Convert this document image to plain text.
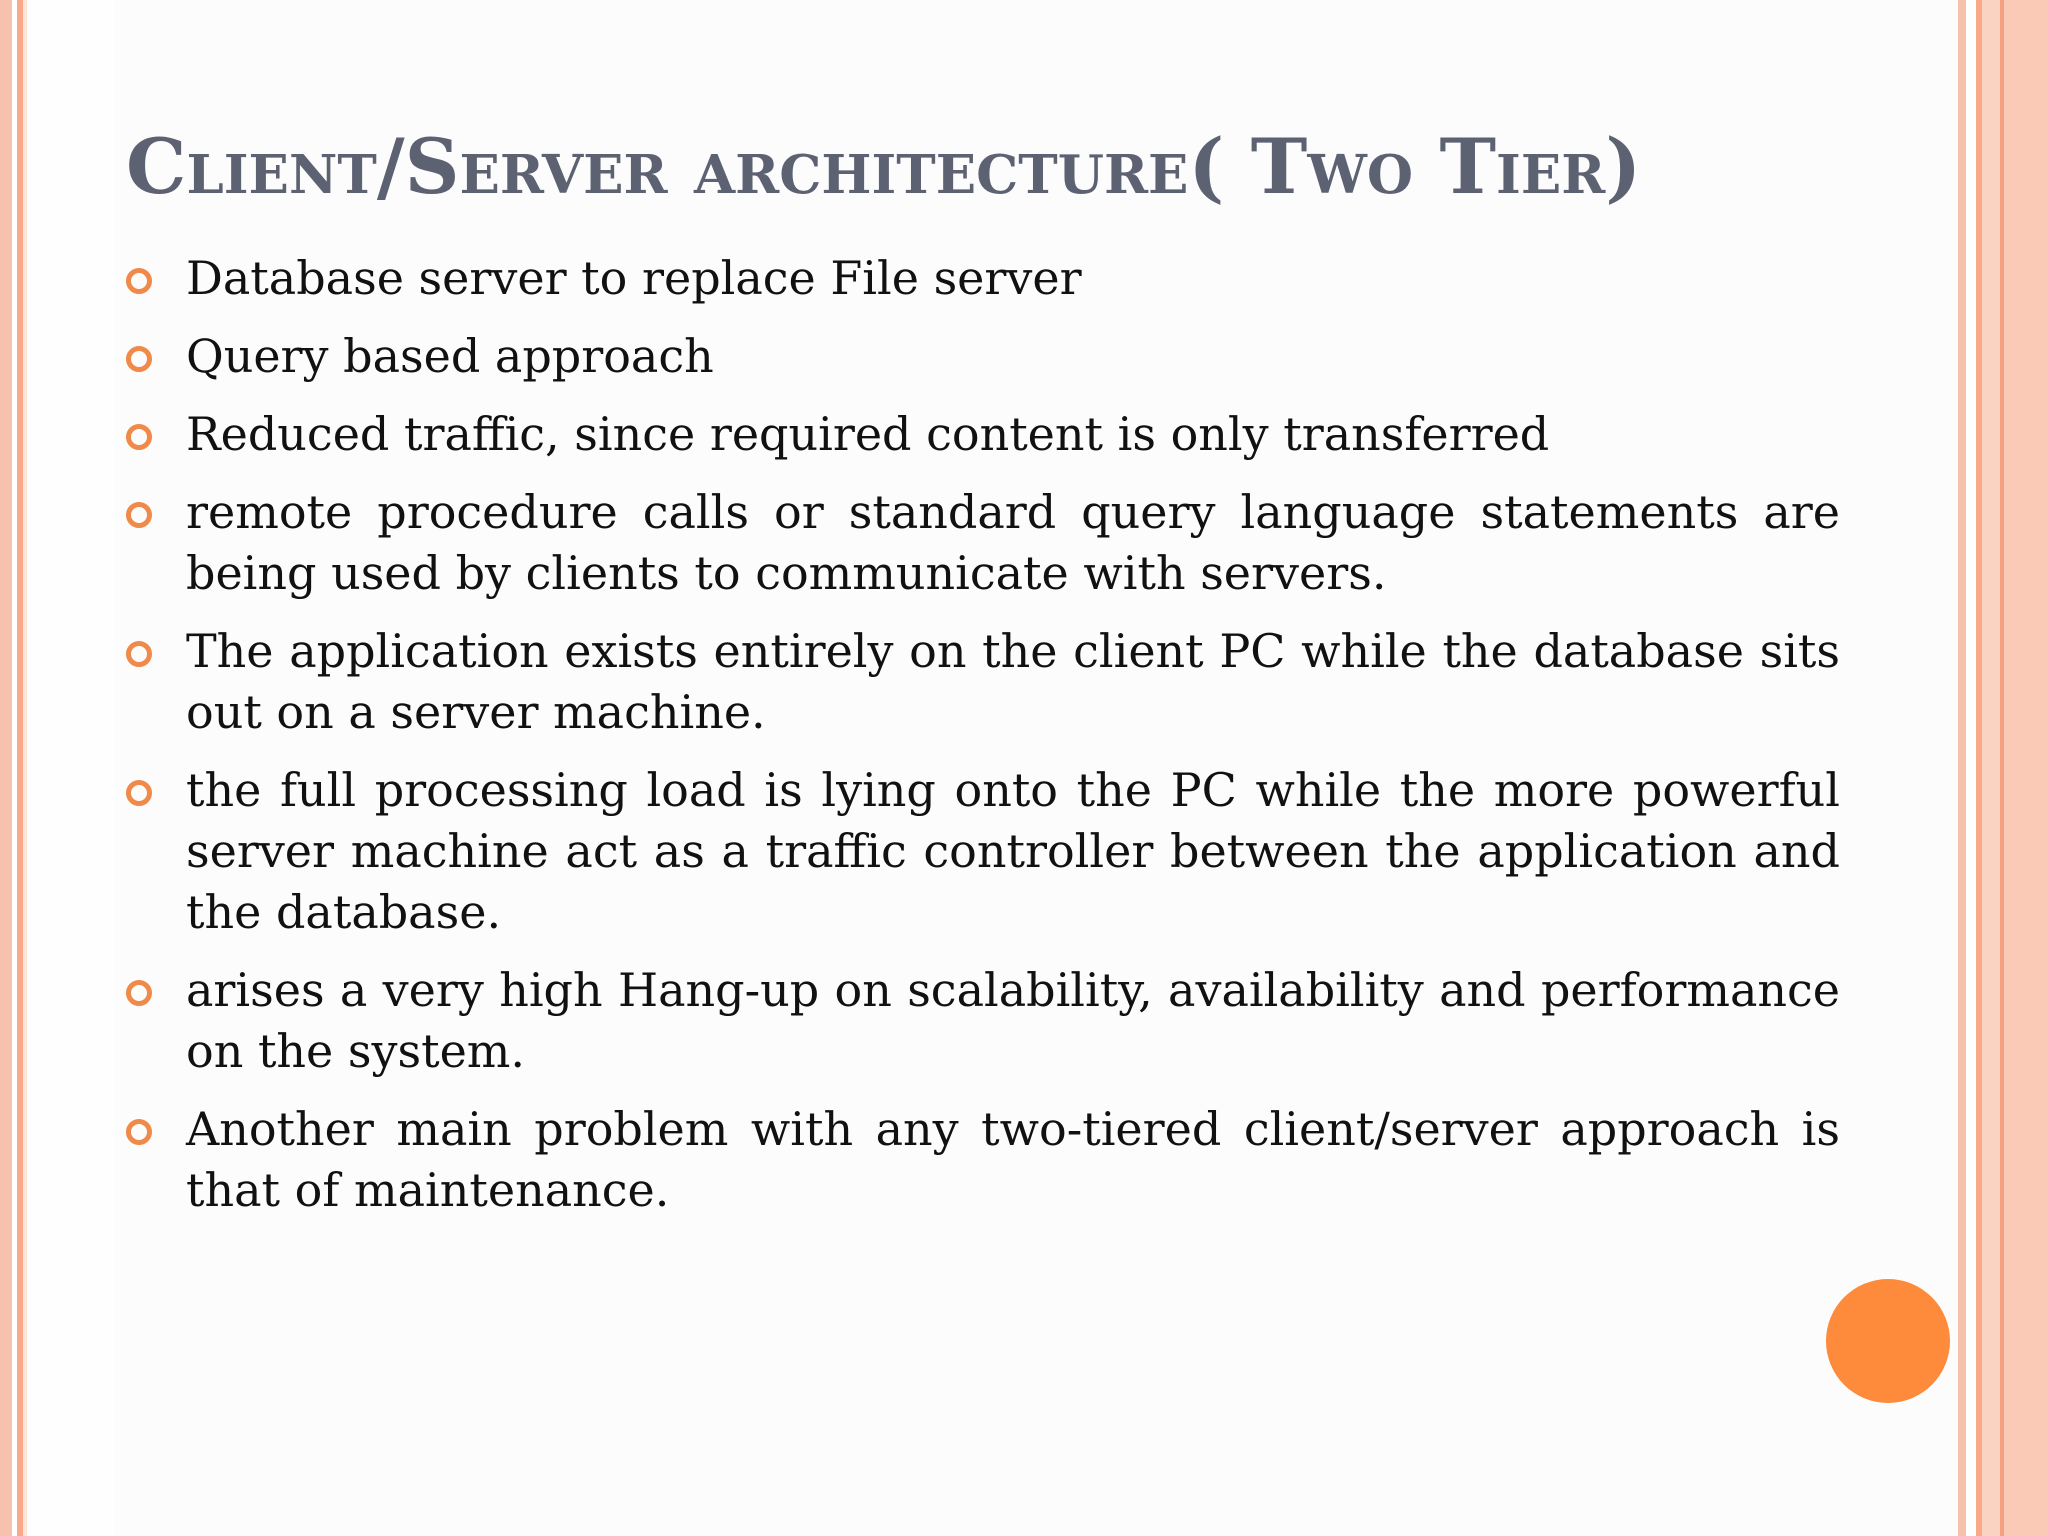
Client/Server architecture( Two Tier)
Database server to replace File server
Query based approach
Reduced traffic, since required content is only transferred
remote procedure calls or standard query language statements are being used by clients to communicate with servers.
The application exists entirely on the client PC while the database sits out on a server machine.
the full processing load is lying onto the PC while the more powerful server machine act as a traffic controller between the application and the database.
arises a very high Hang-up on scalability, availability and performance on the system.
Another main problem with any two-tiered client/server approach is that of maintenance.
